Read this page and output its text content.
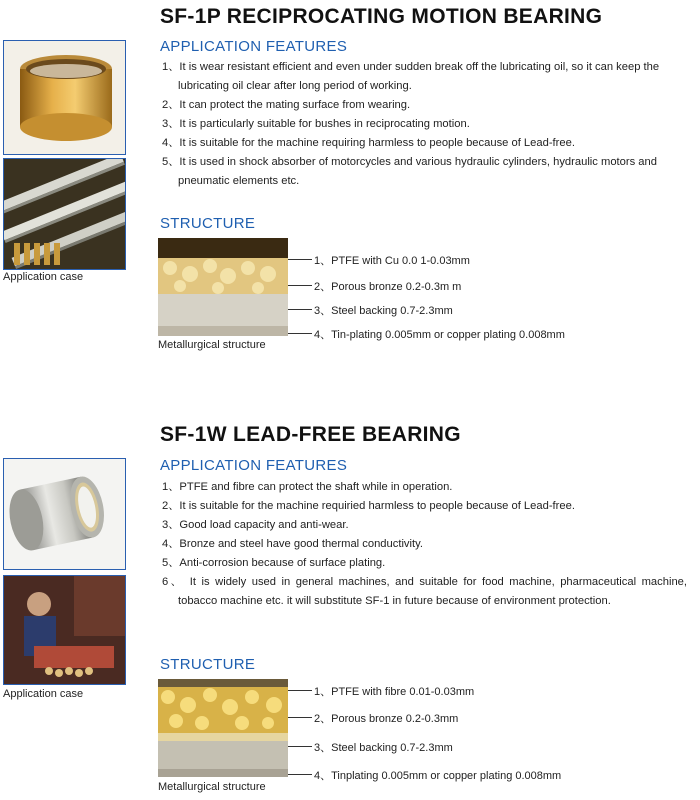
SF-1P RECIPROCATING MOTION BEARING
APPLICATION FEATURES

1、It is wear resistant efficient and even under sudden break off the lubricating oil, so it can keep the lubricating oil clear after long period of working.

2、It can protect the mating surface from wearing.

3、It is particularly suitable for bushes in reciprocating motion.

4、It is suitable for the machine requiring harmless to people because of Lead-free.

5、It is used in shock absorber of motorcycles and various hydraulic cylinders, hydraulic motors and pneumatic elements etc.

Application case
STRUCTURE
Metallurgical structure
1、PTFE with Cu 0.0 1-0.03mm
2、Porous bronze 0.2-0.3m m
3、Steel backing 0.7-2.3mm
4、Tin-plating 0.005mm or copper plating 0.008mm
SF-1W LEAD-FREE BEARING
APPLICATION FEATURES

1、PTFE and fibre can protect the shaft while in operation.

2、It is suitable for the machine requiried harmless to people because of Lead-free.

3、Good load capacity and anti-wear.

4、Bronze and steel have good thermal conductivity.

5、Anti-corrosion because of surface plating.

6、 It is widely used in general machines, and suitable for food machine, pharmaceutical machine, tobacco machine etc. it will substitute SF-1 in future because of environment protection.

Application case
STRUCTURE
Metallurgical structure
1、PTFE with fibre 0.01-0.03mm
2、Porous bronze 0.2-0.3mm
3、Steel backing 0.7-2.3mm
4、Tinplating 0.005mm or copper plating 0.008mm
